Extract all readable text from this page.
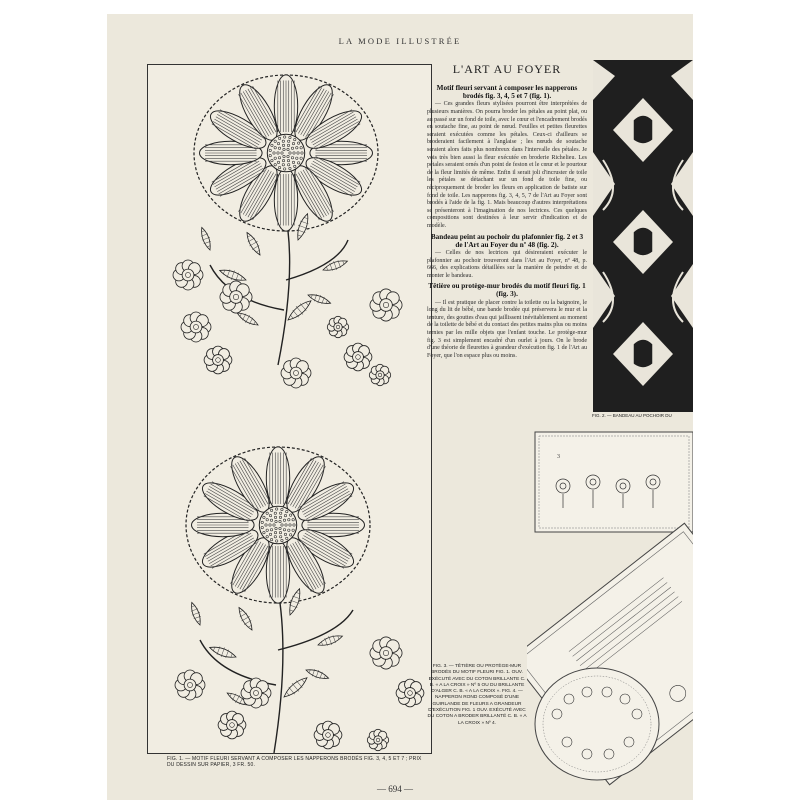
LA MODE ILLUSTRÉE
FIG. 1. — MOTIF FLEURI SERVANT A COMPOSER LES NAPPERONS BRODÉS FIG. 3, 4, 5 ET 7 ; PRIX DU DESSIN SUR PAPIER, 3 FR. 50.
L'ART AU FOYER
Motif fleuri servant à composer les napperons brodés fig. 3, 4, 5 et 7 (fig. 1).

— Ces grandes fleurs stylisées pourront être interprétées de plusieurs manières. On pourra broder les pétales au point plat, ou au passé sur un fond de toile, avec le cœur et l'encadrement brodés en soutache fine, au point de nœud. Feuilles et petites fleurettes seraient exécutées comme les pétales. Ceux-ci d'ailleurs se broderaient facilement à l'anglaise ; les nœuds de soutache seraient alors faits plus nombreux dans l'intervalle des pétales. Je vois très bien aussi la fleur exécutée en broderie Richelieu. Les pétales seraient ornés d'un point de feston et le cœur et le pourtour de la fleur limités de même. Enfin il serait joli d'incruster de toile les pétales se détachant sur un fond de toile fine, ou réciproquement de broder les fleurs en application de batiste sur fond de toile. Les napperons fig. 3, 4, 5, 7 de l'Art au Foyer sont brodés à l'aide de la fig. 1. Mais beaucoup d'autres interprétations se présenteront à l'imagination de nos lectrices. Ces quelques compositions sont destinées à leur servir d'indication et de modèle.

Bandeau peint au pochoir du plafonnier fig. 2 et 3 de l'Art au Foyer du nº 48 (fig. 2).

— Celles de nos lectrices qui désireraient exécuter le plafonnier au pochoir trouveront dans l'Art au Foyer, nº 48, p. 666, des explications détaillées sur la manière de peindre et de monter le bandeau.

Têtière ou protège-mur brodés du motif fleuri fig. 1 (fig. 3).

— Il est pratique de placer contre la toilette ou la baignoire, le long du lit de bébé, une bande brodée qui préservera le mur et la tenture, des gouttes d'eau qui jaillissent inévitablement au moment de la toilette de bébé et du contact des petites mains plus ou moins ternies par les mille objets que l'enfant touche. Le protège-mur fig. 3 est simplement encadré d'un ourlet à jours. On le brode d'une théorie de fleurettes à grandeur d'exécution fig. 1 de l'Art au Foyer, que l'on espace plus ou moins.

FIG. 2. — BANDEAU AU POCHOIR DU
3
FIG. 3. — TÊTIÈRE OU PROTÈGE-MUR BRODÉS DU MOTIF FLEURI FIG. 1. OUV. EXÉCUTÉ AVEC DU COTON BRILLANTE C. B. « A LA CROIX » Nº 5 OU DU BRILLANTE D'ALGER C. B. « A LA CROIX ». FIG. 4. — NAPPERON ROND COMPOSÉ D'UNE GUIRLANDE DE FLEURS A GRANDEUR D'EXÉCUTION FIG. 1 OUV. EXÉCUTÉ AVEC DU COTON A BRODER BRILLANTÉ C. B. « A LA CROIX » Nº 4.
— 694 —
